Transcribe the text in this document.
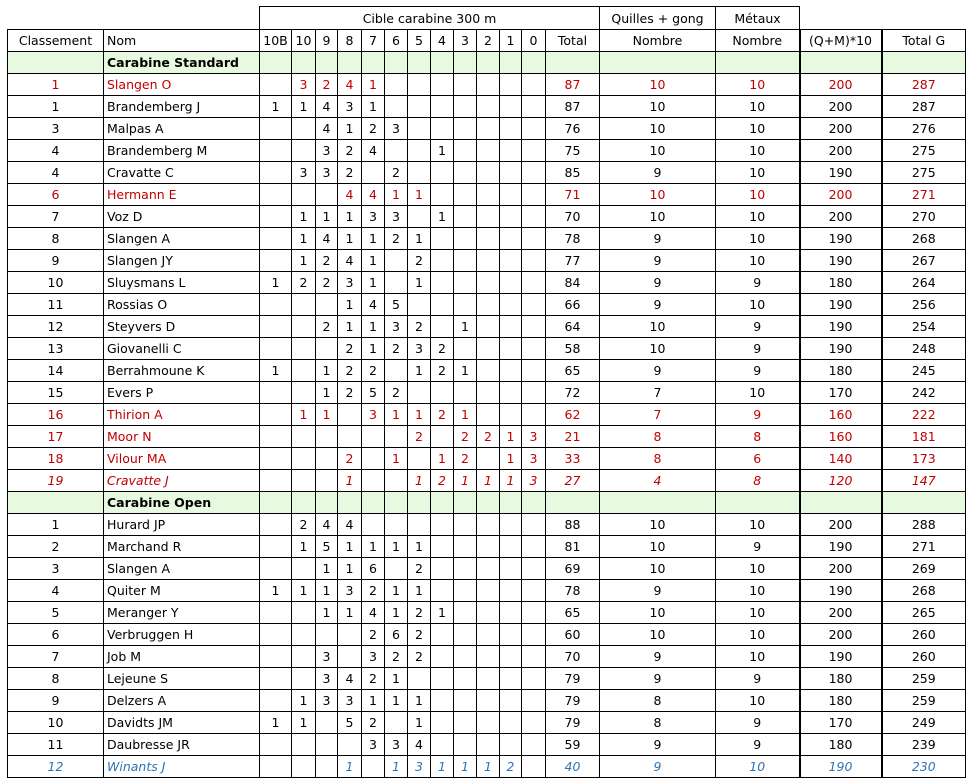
		Cible carabine 300 m													Quilles + gong	Métaux		
Classement	Nom	10B	10	9	8	7	6	5	4	3	2	1	0	Total	Nombre	Nombre	(Q+M)*10	Total G
	Carabine Standard																	
1	Slangen O		3	2	4	1								87	10	10	200	287
1	Brandemberg J	1	1	4	3	1								87	10	10	200	287
3	Malpas A			4	1	2	3							76	10	10	200	276
4	Brandemberg M			3	2	4			1					75	10	10	200	275
4	Cravatte C		3	3	2		2							85	9	10	190	275
6	Hermann E				4	4	1	1						71	10	10	200	271
7	Voz D		1	1	1	3	3		1					70	10	10	200	270
8	Slangen A		1	4	1	1	2	1						78	9	10	190	268
9	Slangen JY		1	2	4	1		2						77	9	10	190	267
10	Sluysmans L	1	2	2	3	1		1						84	9	9	180	264
11	Rossias O				1	4	5							66	9	10	190	256
12	Steyvers D			2	1	1	3	2		1				64	10	9	190	254
13	Giovanelli C				2	1	2	3	2					58	10	9	190	248
14	Berrahmoune K	1		1	2	2		1	2	1				65	9	9	180	245
15	Evers P			1	2	5	2							72	7	10	170	242
16	Thirion A		1	1		3	1	1	2	1				62	7	9	160	222
17	Moor N							2		2	2	1	3	21	8	8	160	181
18	Vilour MA				2		1		1	2		1	3	33	8	6	140	173
19	Cravatte J				1			1	2	1	1	1	3	27	4	8	120	147
	Carabine Open																	
1	Hurard JP		2	4	4									88	10	10	200	288
2	Marchand R		1	5	1	1	1	1						81	10	9	190	271
3	Slangen A			1	1	6		2						69	10	10	200	269
4	Quiter M	1	1	1	3	2	1	1						78	9	10	190	268
5	Meranger Y			1	1	4	1	2	1					65	10	10	200	265
6	Verbruggen H					2	6	2						60	10	10	200	260
7	Job M			3		3	2	2						70	9	10	190	260
8	Lejeune S			3	4	2	1							79	9	9	180	259
9	Delzers A		1	3	3	1	1	1						79	8	10	180	259
10	Davidts JM	1	1		5	2		1						79	8	9	170	249
11	Daubresse JR					3	3	4						59	9	9	180	239
12	Winants J				1		1	3	1	1	1	2		40	9	10	190	230
